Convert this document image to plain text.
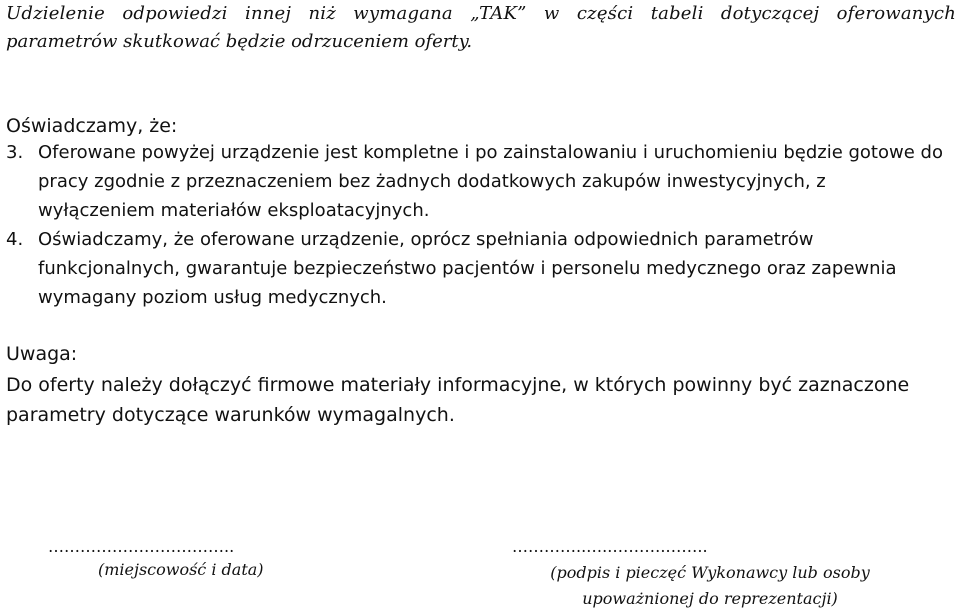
Udzielenie odpowiedzi innej niż wymagana „TAK” w części tabeli dotyczącej oferowanych
parametrów skutkować będzie odrzuceniem oferty.
Oświadczamy, że:
3. Oferowane powyżej urządzenie jest kompletne i po zainstalowaniu i uruchomieniu będzie gotowe do pracy zgodnie z przeznaczeniem bez żadnych dodatkowych zakupów inwestycyjnych, z wyłączeniem materiałów eksploatacyjnych.
4. Oświadczamy, że oferowane urządzenie, oprócz spełniania odpowiednich parametrów funkcjonalnych, gwarantuje bezpieczeństwo pacjentów i personelu medycznego oraz zapewnia wymagany poziom usług medycznych.
Uwaga:
Do oferty należy dołączyć firmowe materiały informacyjne, w których powinny być zaznaczone parametry dotyczące warunków wymagalnych.
……………………………..
(miejscowość i data)
…………..…..……….……..
(podpis i pieczęć Wykonawcy lub osoby
upoważnionej do reprezentacji)
